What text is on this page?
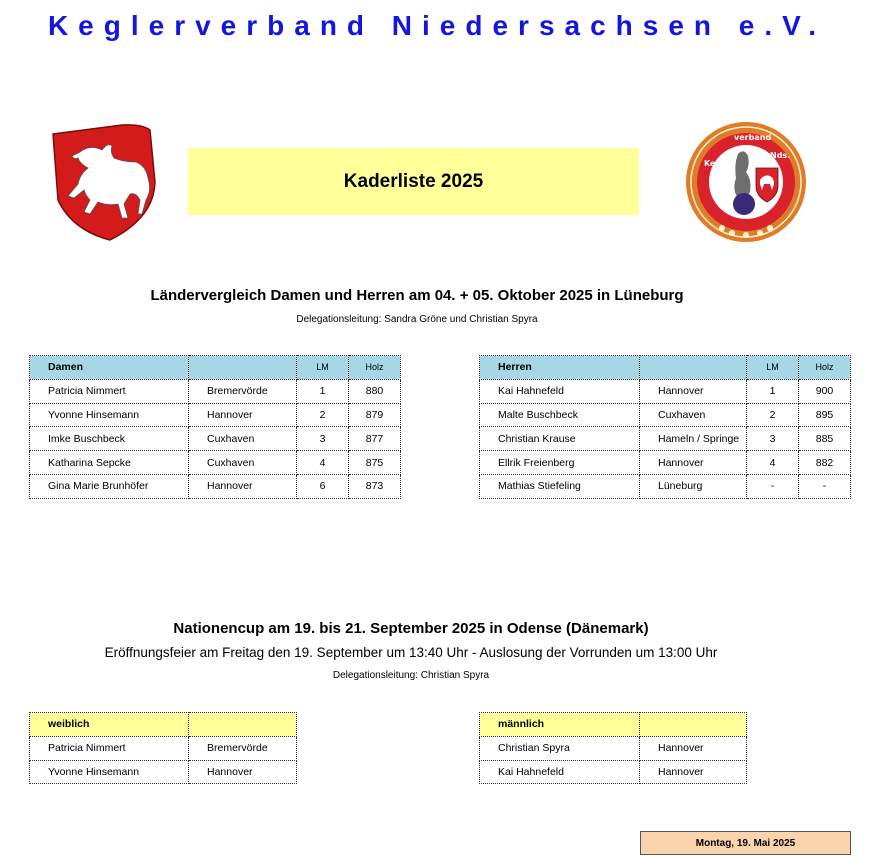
Keglerverband Niedersachsen e.V.
Kaderliste 2025
Keglerverband Nds.
Ländervergleich Damen und Herren am 04. + 05. Oktober 2025 in Lüneburg
Delegationsleitung: Sandra Gröne und Christian Spyra
Damen		LM	Holz
Patricia Nimmert	Bremervörde	1	880
Yvonne Hinsemann	Hannover	2	879
Imke Buschbeck	Cuxhaven	3	877
Katharina Sepcke	Cuxhaven	4	875
Gina Marie Brunhöfer	Hannover	6	873
Herren		LM	Holz
Kai Hahnefeld	Hannover	1	900
Malte Buschbeck	Cuxhaven	2	895
Christian Krause	Hameln / Springe	3	885
Ellrik Freienberg	Hannover	4	882
Mathias Stiefeling	Lüneburg	-	-
Nationencup am 19. bis 21. September 2025 in Odense (Dänemark)
Eröffnungsfeier am Freitag den 19. September um 13:40 Uhr - Auslosung der Vorrunden um 13:00 Uhr
Delegationsleitung: Christian Spyra
weiblich	
Patricia Nimmert	Bremervörde
Yvonne Hinsemann	Hannover
männlich	
Christian Spyra	Hannover
Kai Hahnefeld	Hannover
Montag, 19. Mai 2025
